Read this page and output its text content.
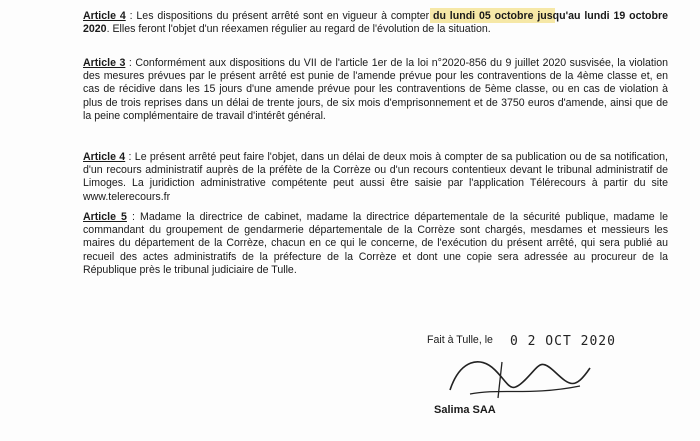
Article 4 : Les dispositions du présent arrêté sont en vigueur à compter du lundi 05 octobre jusqu'au lundi 19 octobre 2020. Elles feront l'objet d'un réexamen régulier au regard de l'évolution de la situation.
Article 3 : Conformément aux dispositions du VII de l'article 1er de la loi n°2020-856 du 9 juillet 2020 susvisée, la violation des mesures prévues par le présent arrêté est punie de l'amende prévue pour les contraventions de la 4ème classe et, en cas de récidive dans les 15 jours d'une amende prévue pour les contraventions de 5ème classe, ou en cas de violation à plus de trois reprises dans un délai de trente jours, de six mois d'emprisonnement et de 3750 euros d'amende, ainsi que de la peine complémentaire de travail d'intérêt général.
Article 4 : Le présent arrêté peut faire l'objet, dans un délai de deux mois à compter de sa publication ou de sa notification, d'un recours administratif auprès de la préfète de la Corrèze ou d'un recours contentieux devant le tribunal administratif de Limoges. La juridiction administrative compétente peut aussi être saisie par l'application Télérecours à partir du site www.telerecours.fr
Article 5 : Madame la directrice de cabinet, madame la directrice départementale de la sécurité publique, madame le commandant du groupement de gendarmerie départementale de la Corrèze sont chargés, mesdames et messieurs les maires du département de la Corrèze, chacun en ce qui le concerne, de l'exécution du présent arrêté, qui sera publié au recueil des actes administratifs de la préfecture de la Corrèze et dont une copie sera adressée au procureur de la République près le tribunal judiciaire de Tulle.
Fait à Tulle, le 0 2 OCT 2020
Salima SAA
